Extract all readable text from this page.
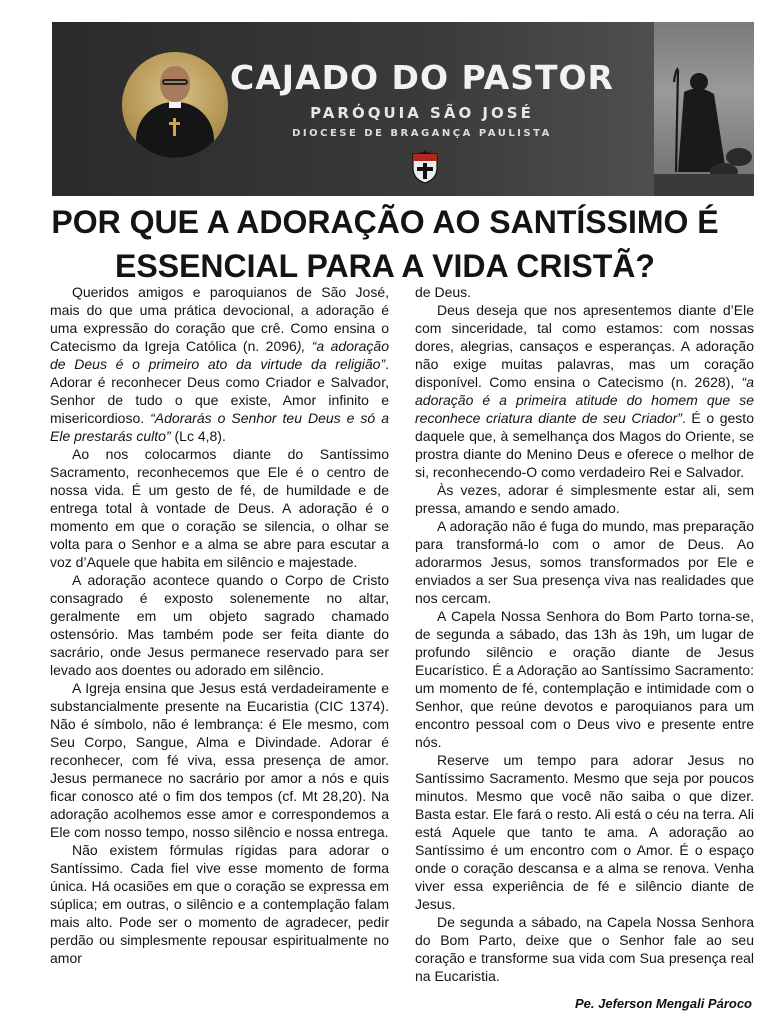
CAJADO DO PASTOR
PARÓQUIA SÃO JOSÉ
DIOCESE DE BRAGANÇA PAULISTA
POR QUE A ADORAÇÃO AO SANTÍSSIMO É
ESSENCIAL PARA A VIDA CRISTÃ?

Queridos amigos e paroquianos de São José, mais do que uma prática devocional, a adoração é uma expressão do coração que crê. Como ensina o Catecismo da Igreja Católica (n. 2096), “a adoração de Deus é o primeiro ato da virtude da religião”. Adorar é reconhecer Deus como Criador e Salvador, Senhor de tudo o que existe, Amor infinito e misericordioso. “Adorarás o Senhor teu Deus e só a Ele prestarás culto” (Lc 4,8).

Ao nos colocarmos diante do Santíssimo Sacramento, reconhecemos que Ele é o centro de nossa vida. É um gesto de fé, de humildade e de entrega total à vontade de Deus. A adoração é o momento em que o coração se silencia, o olhar se volta para o Senhor e a alma se abre para escutar a voz d’Aquele que habita em silêncio e majestade.

A adoração acontece quando o Corpo de Cristo consagrado é exposto solenemente no altar, geralmente em um objeto sagrado chamado ostensório. Mas também pode ser feita diante do sacrário, onde Jesus permanece reservado para ser levado aos doentes ou adorado em silêncio.

A Igreja ensina que Jesus está verdadeiramente e substancialmente presente na Eucaristia (CIC 1374). Não é símbolo, não é lembrança: é Ele mesmo, com Seu Corpo, Sangue, Alma e Divindade. Adorar é reconhecer, com fé viva, essa presença de amor. Jesus permanece no sacrário por amor a nós e quis ficar conosco até o fim dos tempos (cf. Mt 28,20). Na adoração acolhemos esse amor e correspondemos a Ele com nosso tempo, nosso silêncio e nossa entrega.

Não existem fórmulas rígidas para adorar o Santíssimo. Cada fiel vive esse momento de forma única. Há ocasiões em que o coração se expressa em súplica; em outras, o silêncio e a contemplação falam mais alto. Pode ser o momento de agradecer, pedir perdão ou simplesmente repousar espiritualmente no amor

de Deus.

Deus deseja que nos apresentemos diante d’Ele com sinceridade, tal como estamos: com nossas dores, alegrias, cansaços e esperanças. A adoração não exige muitas palavras, mas um coração disponível. Como ensina o Catecismo (n. 2628), “a adoração é a primeira atitude do homem que se reconhece criatura diante de seu Criador”. É o gesto daquele que, à semelhança dos Magos do Oriente, se prostra diante do Menino Deus e oferece o melhor de si, reconhecendo-O como verdadeiro Rei e Salvador.

Às vezes, adorar é simplesmente estar ali, sem pressa, amando e sendo amado.

A adoração não é fuga do mundo, mas preparação para transformá-lo com o amor de Deus. Ao adorarmos Jesus, somos transformados por Ele e enviados a ser Sua presença viva nas realidades que nos cercam.

A Capela Nossa Senhora do Bom Parto torna-se, de segunda a sábado, das 13h às 19h, um lugar de profundo silêncio e oração diante de Jesus Eucarístico. É a Adoração ao Santíssimo Sacramento: um momento de fé, contemplação e intimidade com o Senhor, que reúne devotos e paroquianos para um encontro pessoal com o Deus vivo e presente entre nós.

Reserve um tempo para adorar Jesus no Santíssimo Sacramento. Mesmo que seja por poucos minutos. Mesmo que você não saiba o que dizer. Basta estar. Ele fará o resto. Ali está o céu na terra. Ali está Aquele que tanto te ama. A adoração ao Santíssimo é um encontro com o Amor. É o espaço onde o coração descansa e a alma se renova. Venha viver essa experiência de fé e silêncio diante de Jesus.

De segunda a sábado, na Capela Nossa Senhora do Bom Parto, deixe que o Senhor fale ao seu coração e transforme sua vida com Sua presença real na Eucaristia.

Pe. Jeferson Mengali Pároco
